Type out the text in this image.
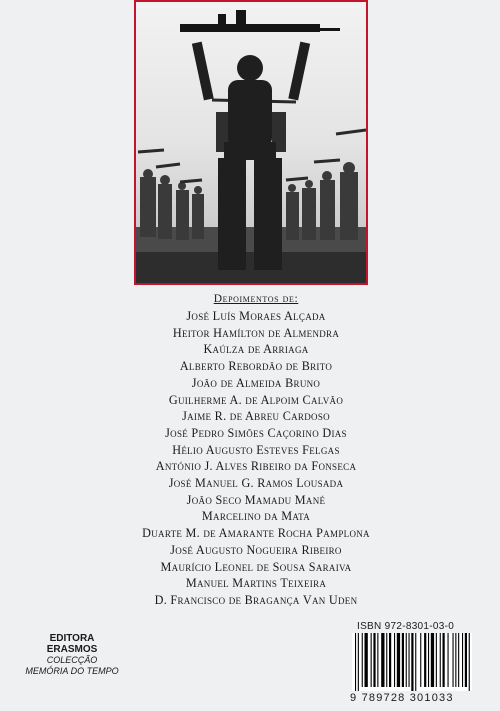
Depoimentos de:
José Luís Moraes Alçada
Heitor Hamílton de Almendra
Kaúlza de Arriaga
Alberto Rebordão de Brito
João de Almeida Bruno
Guilherme A. de Alpoim Calvão
Jaime R. de Abreu Cardoso
José Pedro Simões Caçorino Dias
Hélio Augusto Esteves Felgas
António J. Alves Ribeiro da Fonseca
José Manuel G. Ramos Lousada
João Seco Mamadu Mané
Marcelino da Mata
Duarte M. de Amarante Rocha Pamplona
José Augusto Nogueira Ribeiro
Maurício Leonel de Sousa Saraiva
Manuel Martins Teixeira
D. Francisco de Bragança Van Uden
EDITORA
ERASMOS
COLECÇÃO
MEMÓRIA DO TEMPO
ISBN 972-8301-03-0
9 789728 301033
